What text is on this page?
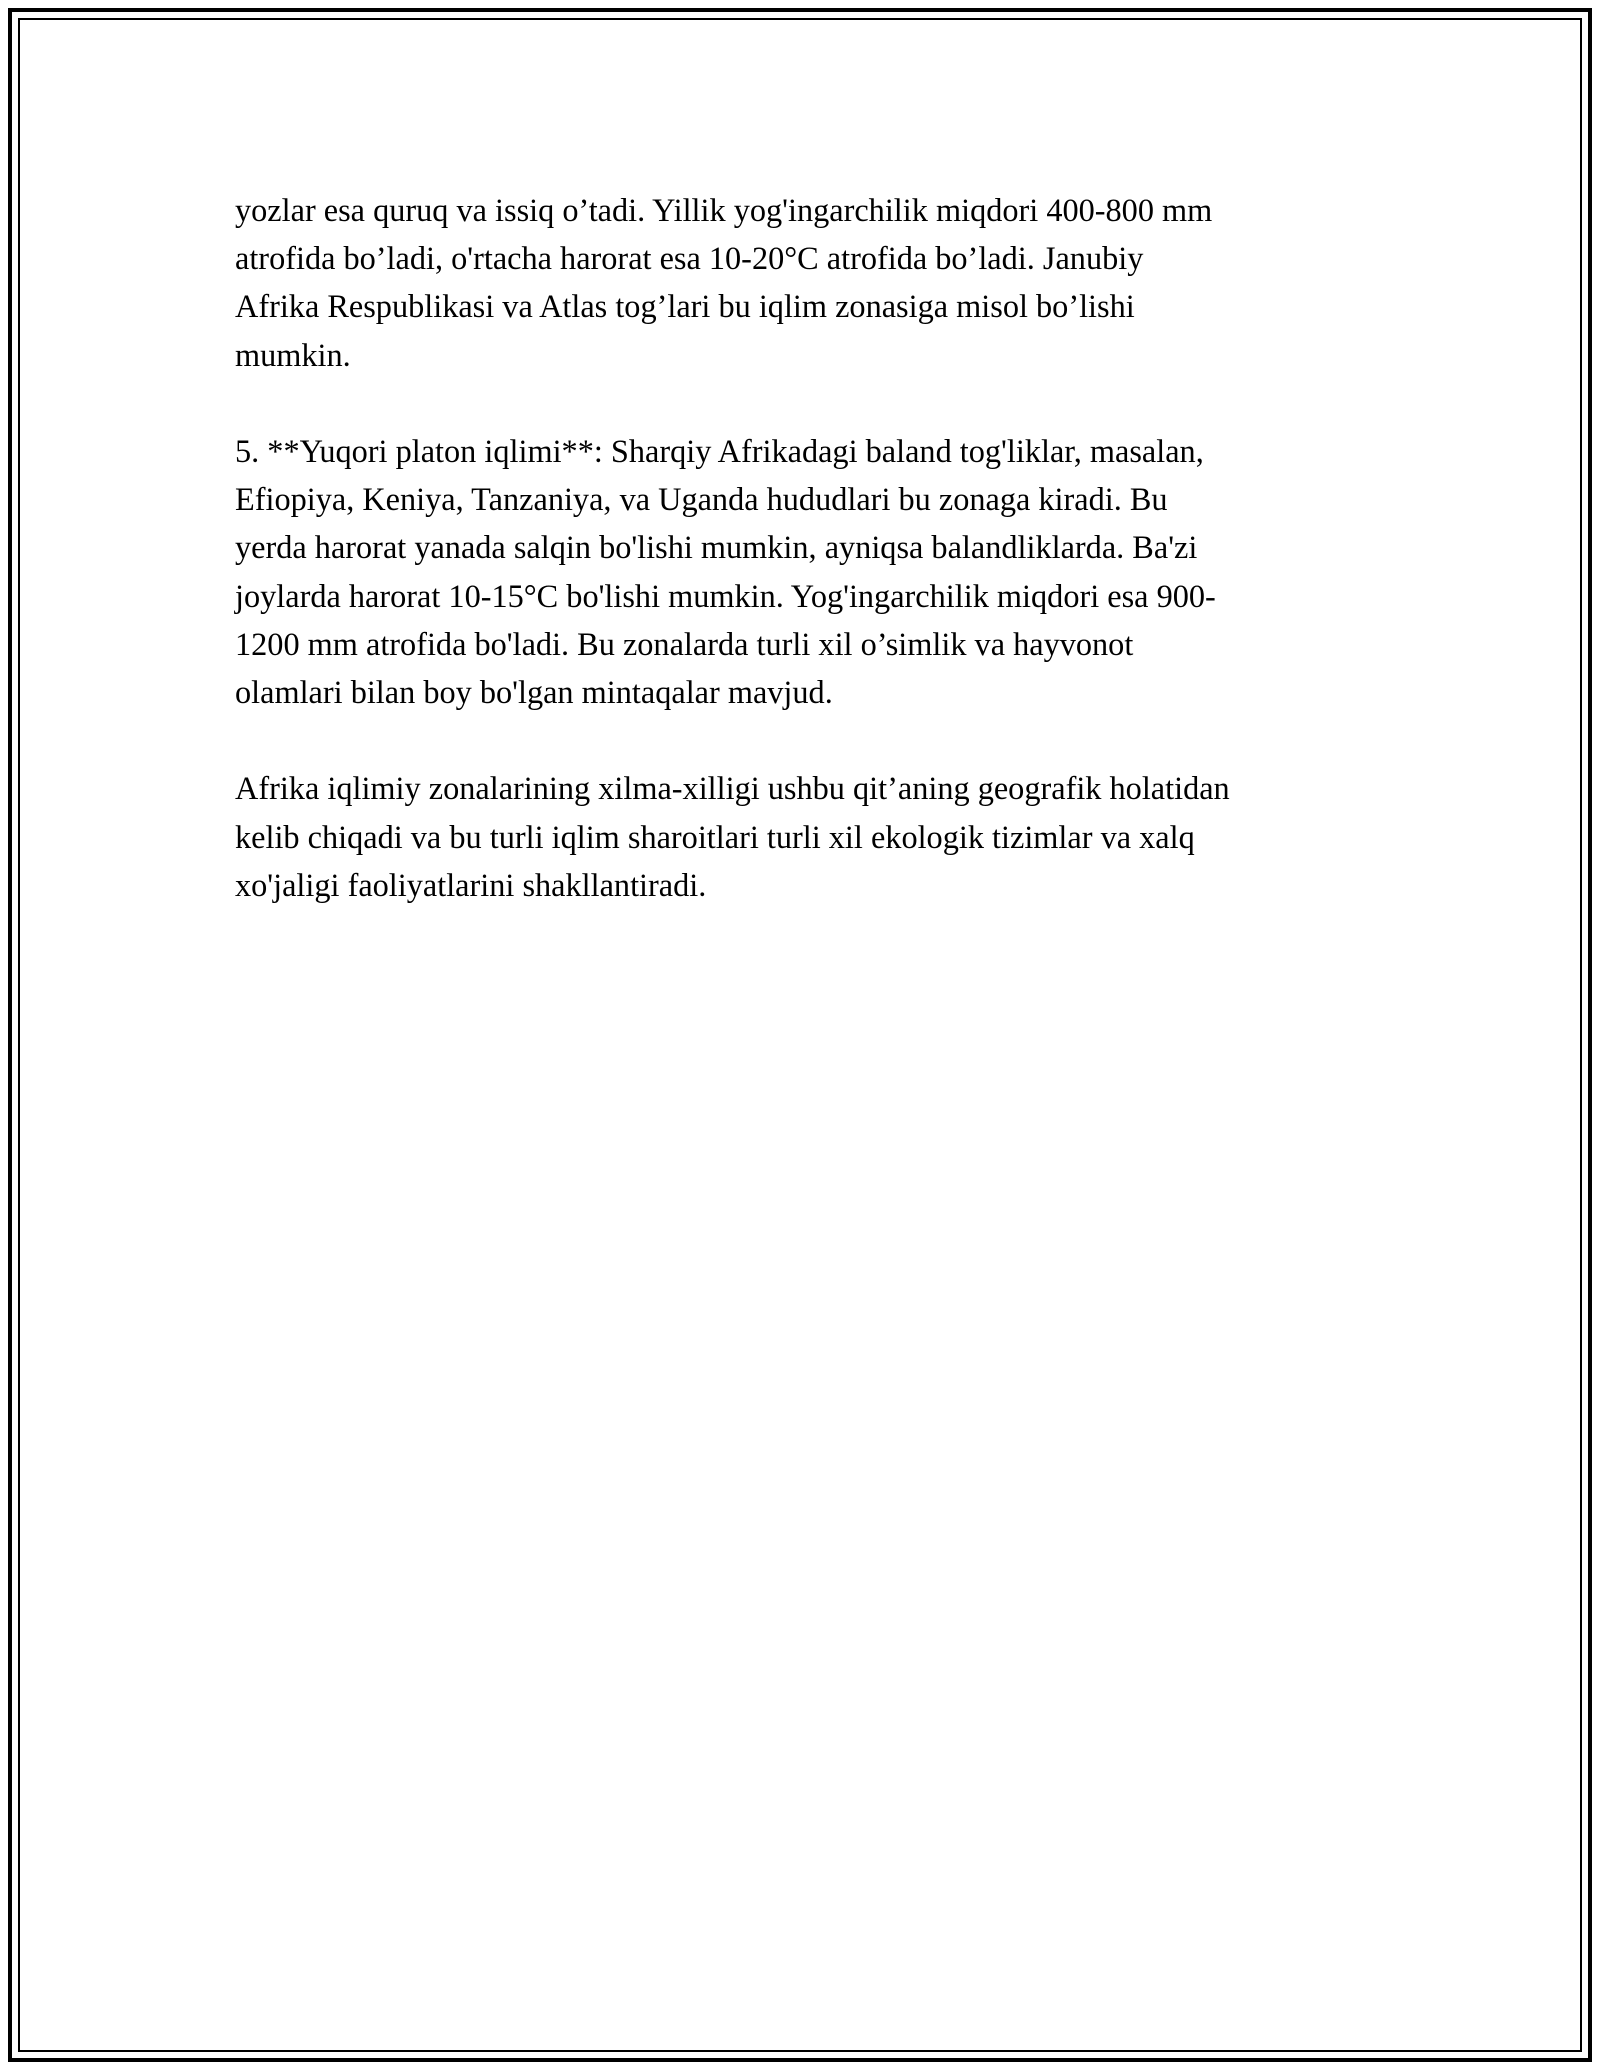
yozlar esa quruq va issiq o’tadi. Yillik yog'ingarchilik miqdori 400-800 mm
atrofida bo’ladi, o'rtacha harorat esa 10-20°C atrofida bo’ladi. Janubiy
Afrika Respublikasi va Atlas tog’lari bu iqlim zonasiga misol bo’lishi
mumkin.

5. **Yuqori platon iqlimi**: Sharqiy Afrikadagi baland tog'liklar, masalan,
Efiopiya, Keniya, Tanzaniya, va Uganda hududlari bu zonaga kiradi. Bu
yerda harorat yanada salqin bo'lishi mumkin, ayniqsa balandliklarda. Ba'zi
joylarda harorat 10-15°C bo'lishi mumkin. Yog'ingarchilik miqdori esa 900-
1200 mm atrofida bo'ladi. Bu zonalarda turli xil o’simlik va hayvonot
olamlari bilan boy bo'lgan mintaqalar mavjud.

Afrika iqlimiy zonalarining xilma-xilligi ushbu qit’aning geografik holatidan
kelib chiqadi va bu turli iqlim sharoitlari turli xil ekologik tizimlar va xalq
xo'jaligi faoliyatlarini shakllantiradi.
